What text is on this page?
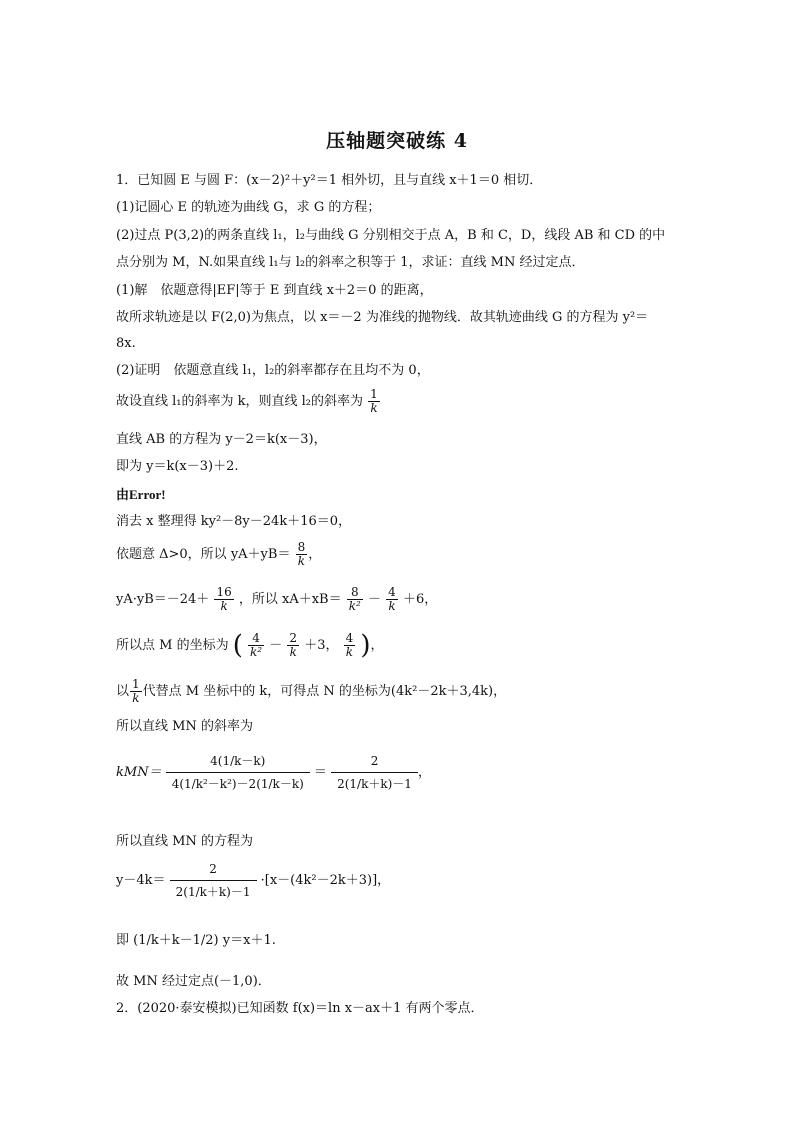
压轴题突破练 4
1．已知圆 E 与圆 F：(x－2)²＋y²＝1 相外切，且与直线 x＋1＝0 相切．
(1)记圆心 E 的轨迹为曲线 G，求 G 的方程；
(2)过点 P(3,2)的两条直线 l₁，l₂与曲线 G 分别相交于点 A，B 和 C，D，线段 AB 和 CD 的中
点分别为 M，N.如果直线 l₁与 l₂的斜率之积等于 1，求证：直线 MN 经过定点．
(1)解　依题意得|EF|等于 E 到直线 x＋2＝0 的距离，
故所求轨迹是以 F(2,0)为焦点，以 x＝－2 为准线的抛物线．故其轨迹曲线 G 的方程为 y²＝
8x.
(2)证明　依题意直线 l₁，l₂的斜率都存在且均不为 0，
故设直线 l₁的斜率为 k，则直线 l₂的斜率为 $\frac{1}{k}$
直线 AB 的方程为 y－2＝k(x－3)，
即为 y＝k(x－3)＋2.
由Error!
消去 x 整理得 ky²－8y－24k＋16＝0，
依题意 Δ>0，所以 $yA+yB= \frac{8}{k}$ ，
$yA\cdot yB=-24+ \frac{16}{k}$ ，所以 $xA+xB= \frac{8}{\text{k²}} - \frac{4}{k} +6$，
所以点 M 的坐标为 ( $\frac{4}{\text{k²}} - \frac{2}{k} +3$， $\frac{4}{k}$ )，
以 $\frac{1}{k}$ 代替点 M 坐标中的 k，可得点 N 的坐标为(4k²－2k＋3,4k)，
所以直线 MN 的斜率为
$kMN= \frac{4(1/k-k)}{\text{4(1/k²－k²)－2(1/k－k)}} = \frac{2}{2(1/k+k)-1}$ ，
所以直线 MN 的方程为
$y-4k= \frac{2}{2(1/k+k)-1} \cdot[x-(4k^2-2k+3)]$，
即 (1/k＋k－1/2) y＝x＋1.
故 MN 经过定点(－1,0)．
2．(2020·泰安模拟)已知函数 f(x)＝ln x－ax＋1 有两个零点．
